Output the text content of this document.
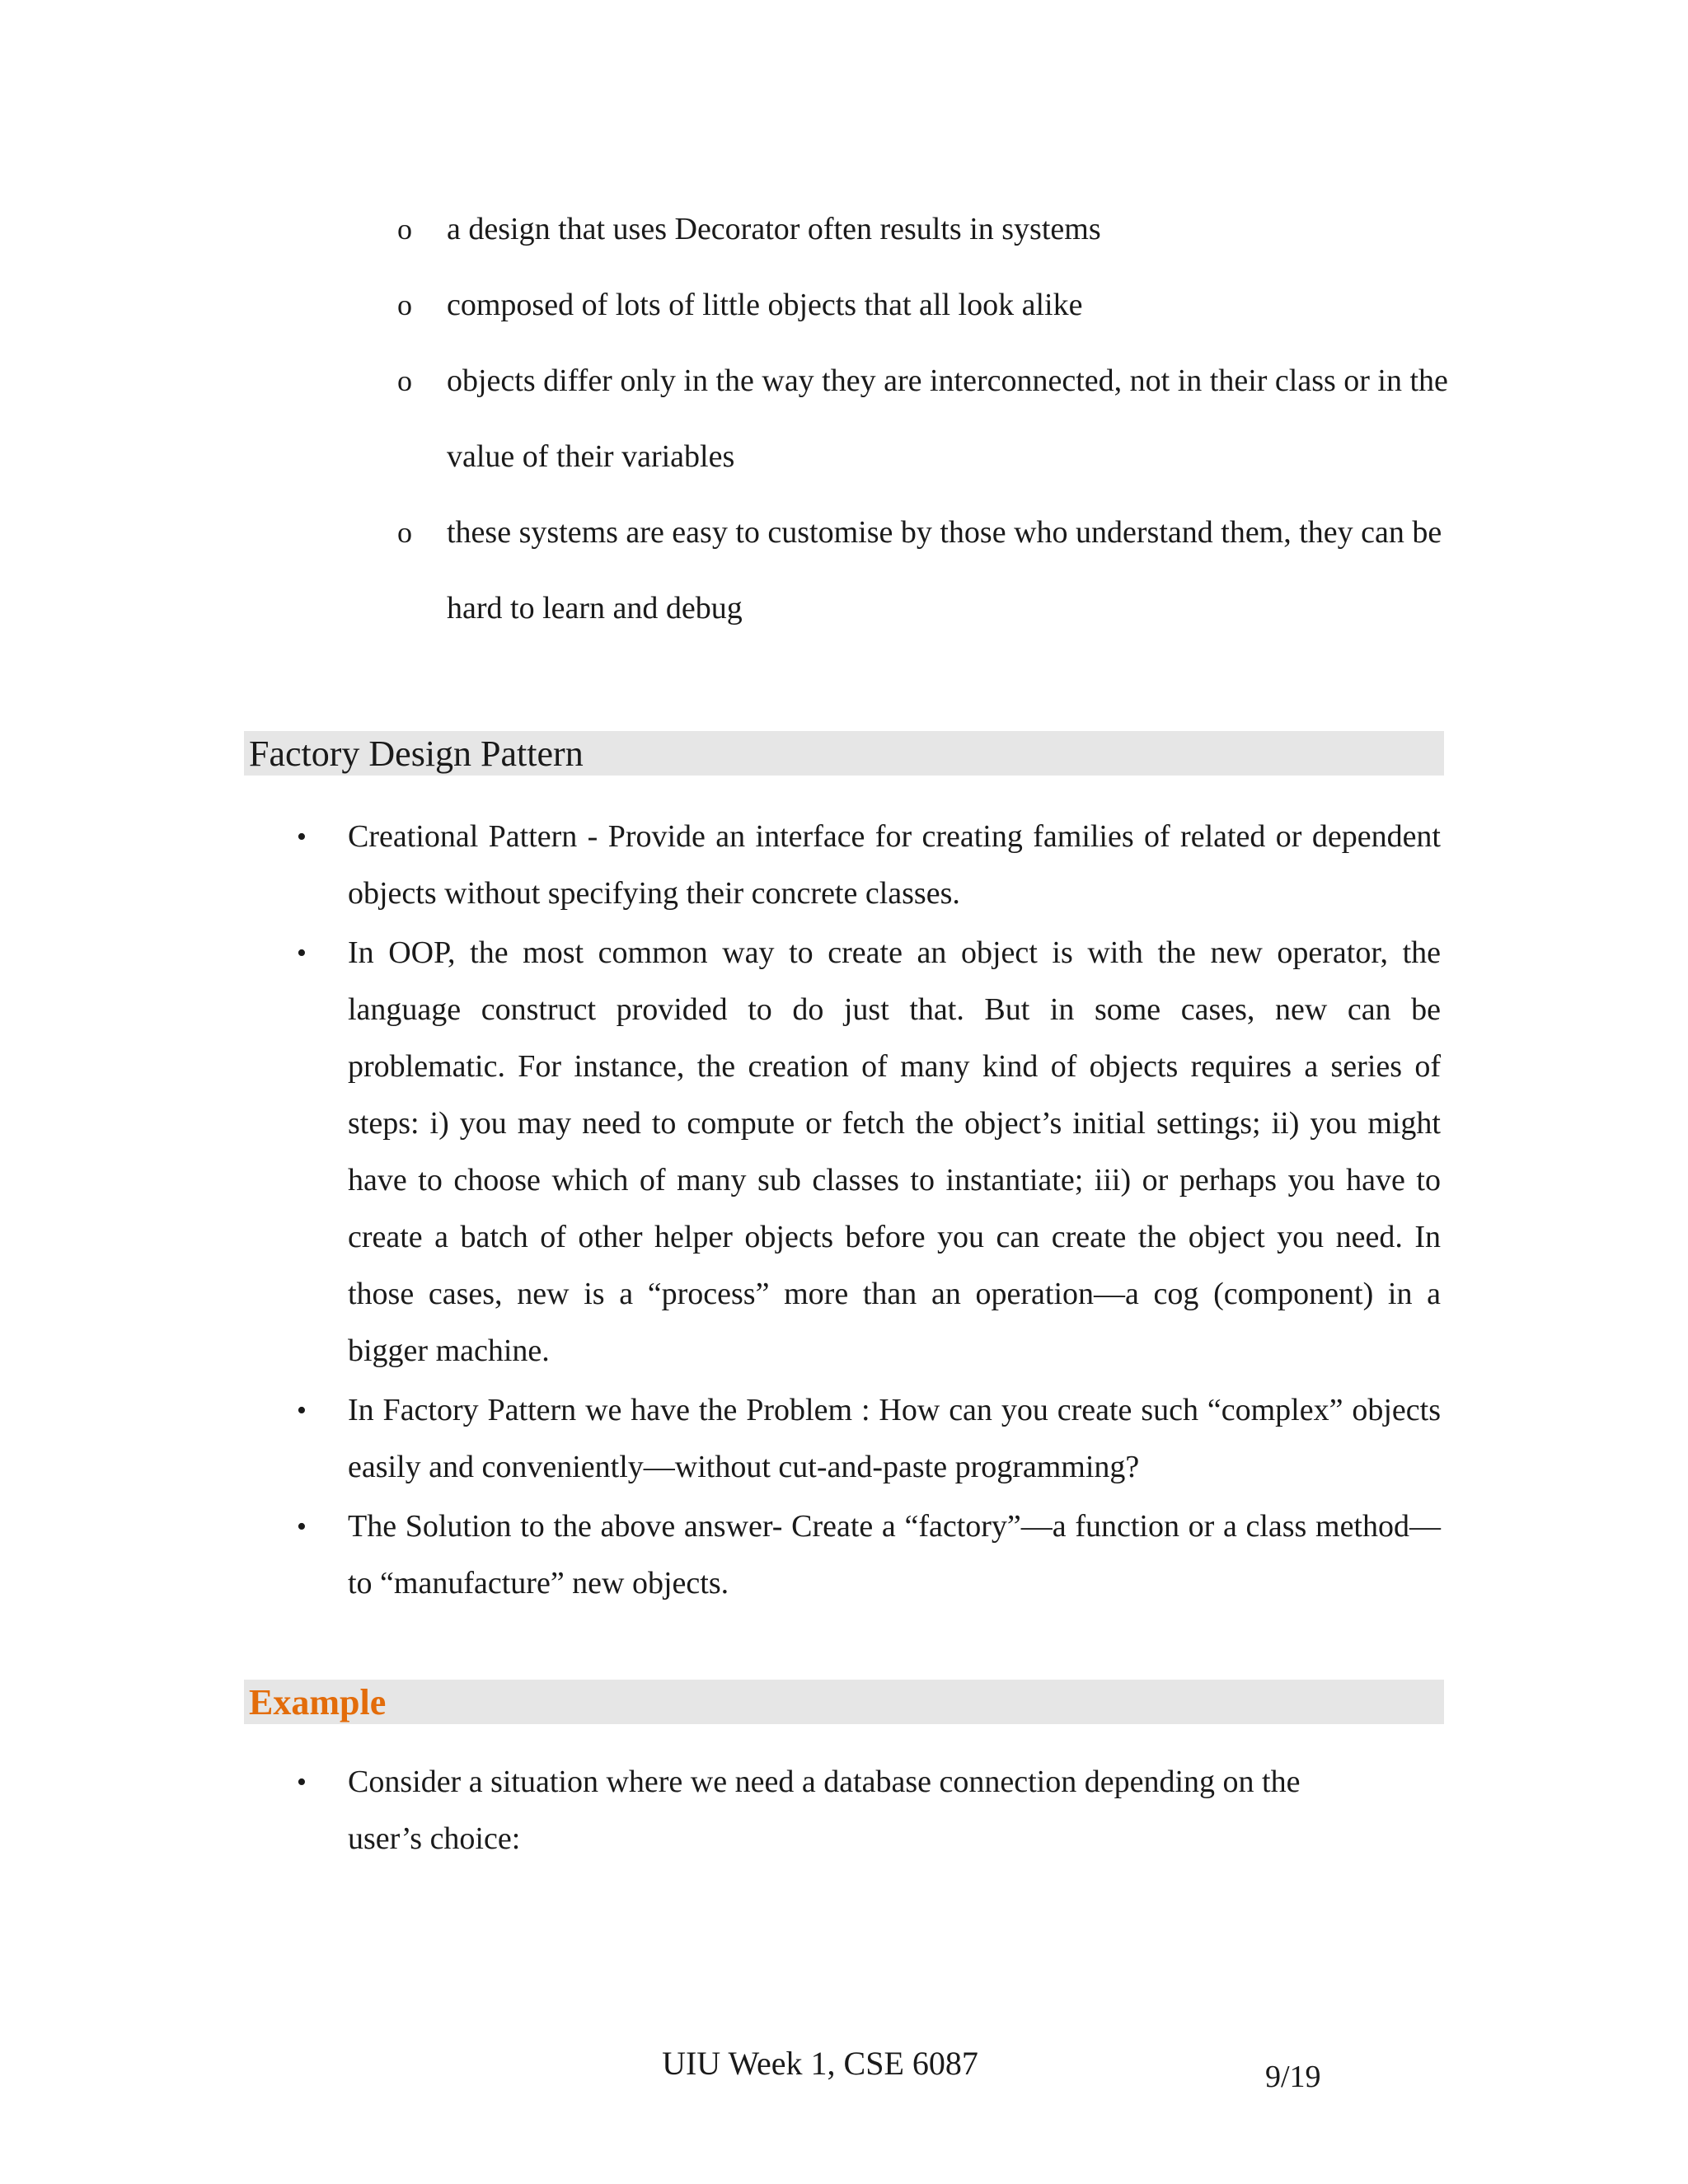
o a design that uses Decorator often results in systems
o composed of lots of little objects that all look alike
o objects differ only in the way they are interconnected, not in their class or in the value of their variables
o these systems are easy to customise by those who understand them, they can be hard to learn and debug
Factory Design Pattern
• Creational Pattern - Provide an interface for creating families of related or dependent objects without specifying their concrete classes.
• In OOP, the most common way to create an object is with the new operator, the language construct provided to do just that. But in some cases, new can be problematic. For instance, the creation of many kind of objects requires a series of steps: i) you may need to compute or fetch the object’s initial settings; ii) you might have to choose which of many sub classes to instantiate; iii) or perhaps you have to create a batch of other helper objects before you can create the object you need. In those cases, new is a “process” more than an operation—a cog (component) in a bigger machine.
• In Factory Pattern we have the Problem : How can you create such “complex” objects easily and conveniently—without cut-and-paste programming?
• The Solution to the above answer- Create a “factory”—a function or a class method— to “manufacture” new objects.
Example
• Consider a situation where we need a database connection depending on the user’s choice:
UIU Week 1, CSE 6087	9/19
